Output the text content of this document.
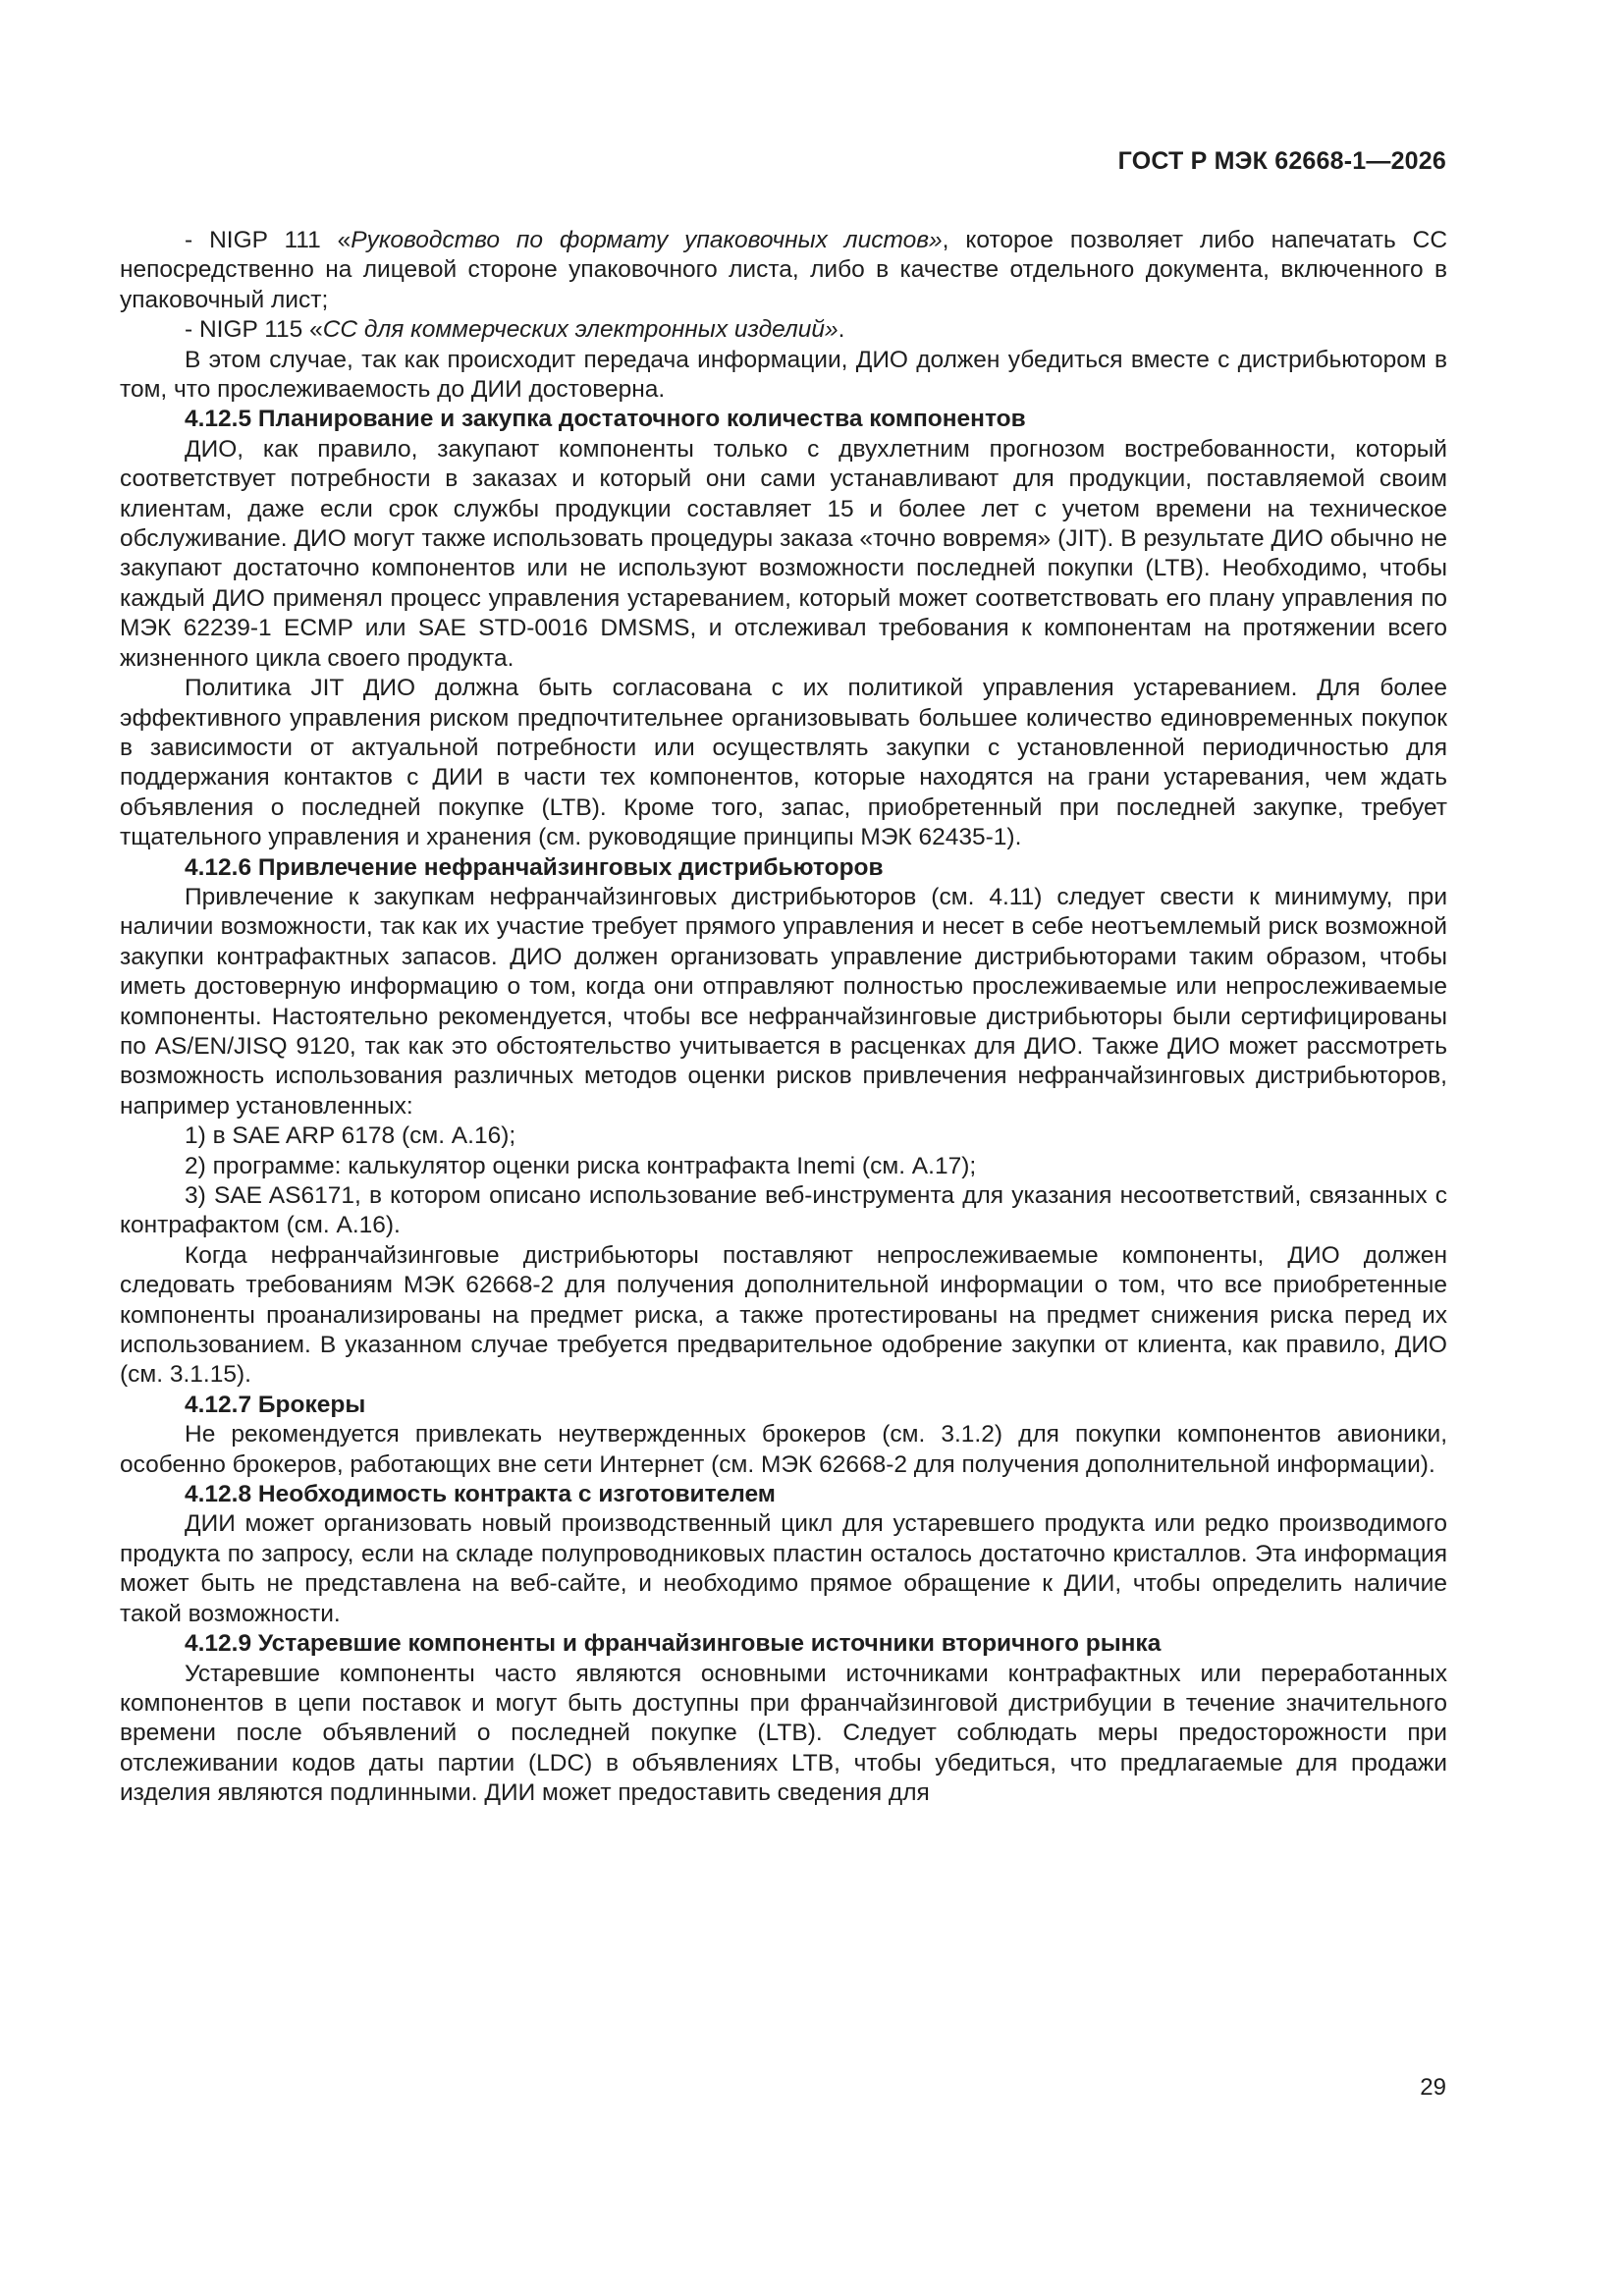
ГОСТ Р МЭК 62668-1—2026

- NIGP 111 «Руководство по формату упаковочных листов», которое позволяет либо напечатать СС непосредственно на лицевой стороне упаковочного листа, либо в качестве отдельного документа, включенного в упаковочный лист;

- NIGP 115 «СС для коммерческих электронных изделий».

В этом случае, так как происходит передача информации, ДИО должен убедиться вместе с дистрибьютором в том, что прослеживаемость до ДИИ достоверна.

4.12.5 Планирование и закупка достаточного количества компонентов

ДИО, как правило, закупают компоненты только с двухлетним прогнозом востребованности, который соответствует потребности в заказах и который они сами устанавливают для продукции, поставляемой своим клиентам, даже если срок службы продукции составляет 15 и более лет с учетом времени на техническое обслуживание. ДИО могут также использовать процедуры заказа «точно вовремя» (JIT). В результате ДИО обычно не закупают достаточно компонентов или не используют возможности последней покупки (LTB). Необходимо, чтобы каждый ДИО применял процесс управления устареванием, который может соответствовать его плану управления по МЭК 62239-1 ECMP или SAE STD-0016 DMSMS, и отслеживал требования к компонентам на протяжении всего жизненного цикла своего продукта.

Политика JIT ДИО должна быть согласована с их политикой управления устареванием. Для более эффективного управления риском предпочтительнее организовывать большее количество единовременных покупок в зависимости от актуальной потребности или осуществлять закупки с установленной периодичностью для поддержания контактов с ДИИ в части тех компонентов, которые находятся на грани устаревания, чем ждать объявления о последней покупке (LTB). Кроме того, запас, приобретенный при последней закупке, требует тщательного управления и хранения (см. руководящие принципы МЭК 62435-1).

4.12.6 Привлечение нефранчайзинговых дистрибьюторов

Привлечение к закупкам нефранчайзинговых дистрибьюторов (см. 4.11) следует свести к минимуму, при наличии возможности, так как их участие требует прямого управления и несет в себе неотъемлемый риск возможной закупки контрафактных запасов. ДИО должен организовать управление дистрибьюторами таким образом, чтобы иметь достоверную информацию о том, когда они отправляют полностью прослеживаемые или непрослеживаемые компоненты. Настоятельно рекомендуется, чтобы все нефранчайзинговые дистрибьюторы были сертифицированы по AS/EN/JISQ 9120, так как это обстоятельство учитывается в расценках для ДИО. Также ДИО может рассмотреть возможность использования различных методов оценки рисков привлечения нефранчайзинговых дистрибьюторов, например установленных:

1) в SAE ARP 6178 (см. А.16);

2) программе: калькулятор оценки риска контрафакта Inemi (см. А.17);

3) SAE AS6171, в котором описано использование веб-инструмента для указания несоответствий, связанных с контрафактом (см. А.16).

Когда нефранчайзинговые дистрибьюторы поставляют непрослеживаемые компоненты, ДИО должен следовать требованиям МЭК 62668-2 для получения дополнительной информации о том, что все приобретенные компоненты проанализированы на предмет риска, а также протестированы на предмет снижения риска перед их использованием. В указанном случае требуется предварительное одобрение закупки от клиента, как правило, ДИО (см. 3.1.15).

4.12.7 Брокеры

Не рекомендуется привлекать неутвержденных брокеров (см. 3.1.2) для покупки компонентов авионики, особенно брокеров, работающих вне сети Интернет (см. МЭК 62668-2 для получения дополнительной информации).

4.12.8 Необходимость контракта с изготовителем

ДИИ может организовать новый производственный цикл для устаревшего продукта или редко производимого продукта по запросу, если на складе полупроводниковых пластин осталось достаточно кристаллов. Эта информация может быть не представлена на веб-сайте, и необходимо прямое обращение к ДИИ, чтобы определить наличие такой возможности.

4.12.9 Устаревшие компоненты и франчайзинговые источники вторичного рынка

Устаревшие компоненты часто являются основными источниками контрафактных или переработанных компонентов в цепи поставок и могут быть доступны при франчайзинговой дистрибуции в течение значительного времени после объявлений о последней покупке (LTB). Следует соблюдать меры предосторожности при отслеживании кодов даты партии (LDC) в объявлениях LTB, чтобы убедиться, что предлагаемые для продажи изделия являются подлинными. ДИИ может предоставить сведения для

29
